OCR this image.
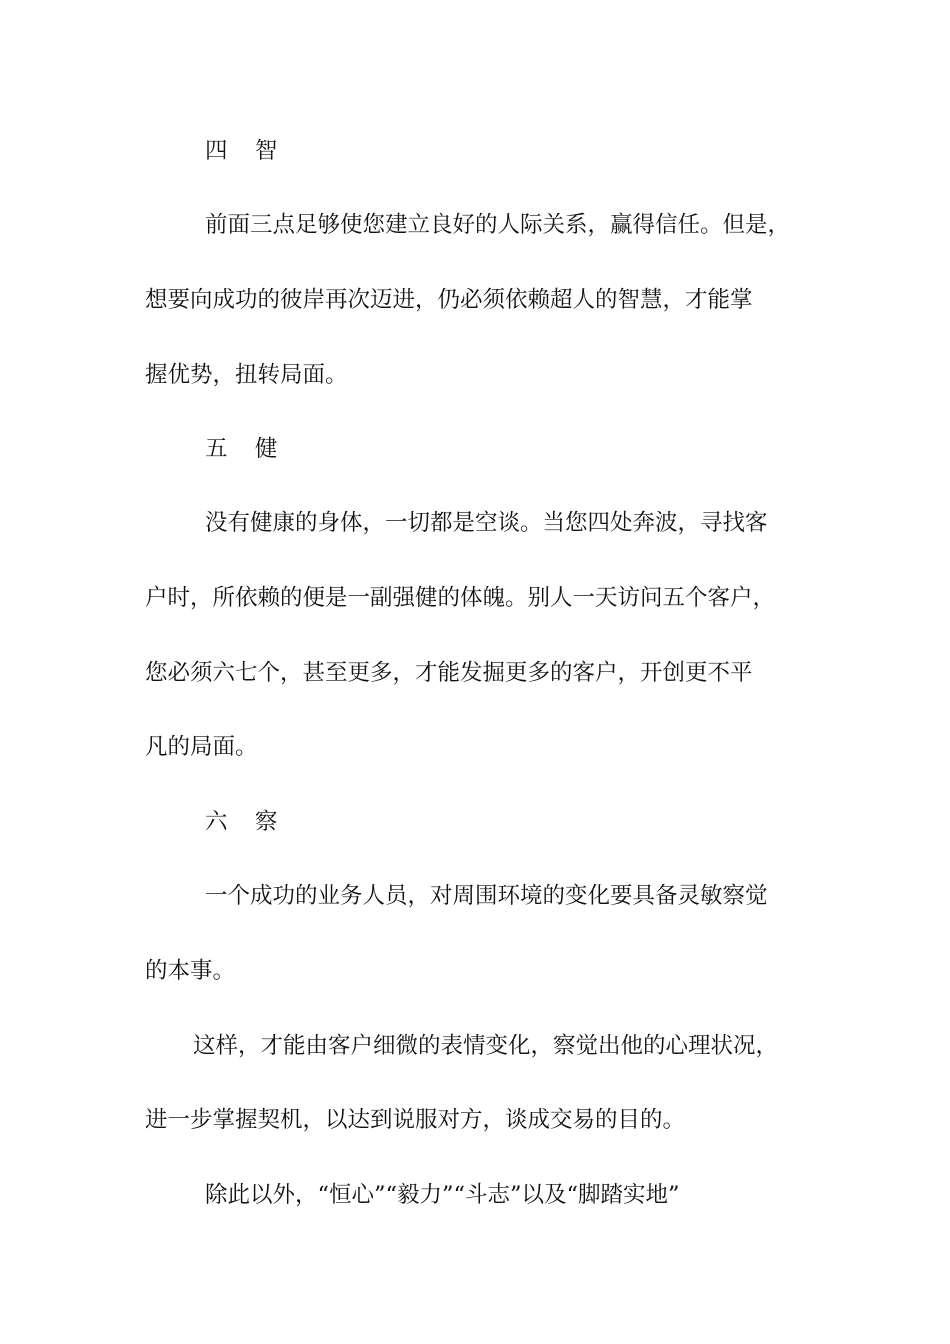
四 智
前面三点足够使您建立良好的人际关系，赢得信任。但是，
想要向成功的彼岸再次迈进，仍必须依赖超人的智慧，才能掌
握优势，扭转局面。
五 健
没有健康的身体，一切都是空谈。当您四处奔波，寻找客
户时，所依赖的便是一副强健的体魄。别人一天访问五个客户，
您必须六七个，甚至更多，才能发掘更多的客户，开创更不平
凡的局面。
六 察
一个成功的业务人员，对周围环境的变化要具备灵敏察觉
的本事。
这样，才能由客户细微的表情变化，察觉出他的心理状况，
进一步掌握契机，以达到说服对方，谈成交易的目的。
除此以外，“恒心”“毅力”“斗志”以及“脚踏实地”
